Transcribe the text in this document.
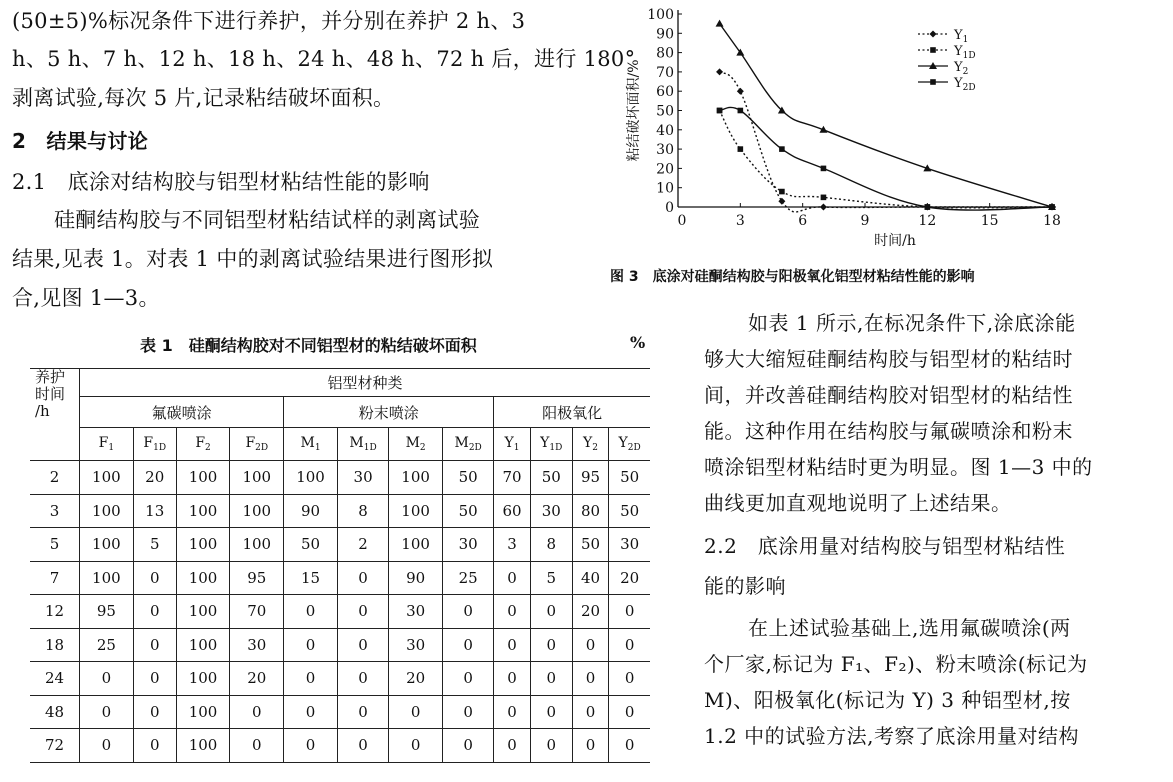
(50±5)%标况条件下进行养护，并分别在养护 2 h、3
h、5 h、7 h、12 h、18 h、24 h、48 h、72 h 后，进行 180°
剥离试验,每次 5 片,记录粘结破坏面积。
2　结果与讨论
2.1　底涂对结构胶与铝型材粘结性能的影响
硅酮结构胶与不同铝型材粘结试样的剥离试验
结果,见表 1。对表 1 中的剥离试验结果进行图形拟
合,见图 1—3。
表 1　硅酮结构胶对不同铝型材的粘结破坏面积	%
养护
时间
/h	铝型材种类											
	氟碳喷涂				粉末喷涂				阳极氧化			
	$F_1$	$F_{1D}$	$F_2$	$F_{2D}$	$M_1$	$M_{1D}$	$M_2$	$M_{2D}$	$Y_1$	$Y_{1D}$	$Y_2$	$Y_{2D}$
2	100	20	100	100	100	30	100	50	70	50	95	50
3	100	13	100	100	90	8	100	50	60	30	80	50
5	100	5	100	100	50	2	100	30	3	8	50	30
7	100	0	100	95	15	0	90	25	0	5	40	20
12	95	0	100	70	0	0	30	0	0	0	20	0
18	25	0	100	30	0	0	30	0	0	0	0	0
24	0	0	100	20	0	0	20	0	0	0	0	0
48	0	0	100	0	0	0	0	0	0	0	0	0
72	0	0	100	0	0	0	0	0	0	0	0	0
0
10
20
30
40
50
60
70
80
90
100
0	3	6	9	12	15	18
时间/h
粘结破坏面积/%
$Y_1$
$Y_{1D}$
$Y_2$
$Y_{2D}$
图 3　底涂对硅酮结构胶与阳极氧化铝型材粘结性能的影响
如表 1 所示,在标况条件下,涂底涂能
够大大缩短硅酮结构胶与铝型材的粘结时
间，并改善硅酮结构胶对铝型材的粘结性
能。这种作用在结构胶与氟碳喷涂和粉末
喷涂铝型材粘结时更为明显。图 1—3 中的
曲线更加直观地说明了上述结果。
2.2　底涂用量对结构胶与铝型材粘结性
能的影响
在上述试验基础上,选用氟碳喷涂(两
个厂家,标记为 F₁、F₂)、粉末喷涂(标记为
M)、阳极氧化(标记为 Y) 3 种铝型材,按
1.2 中的试验方法,考察了底涂用量对结构
